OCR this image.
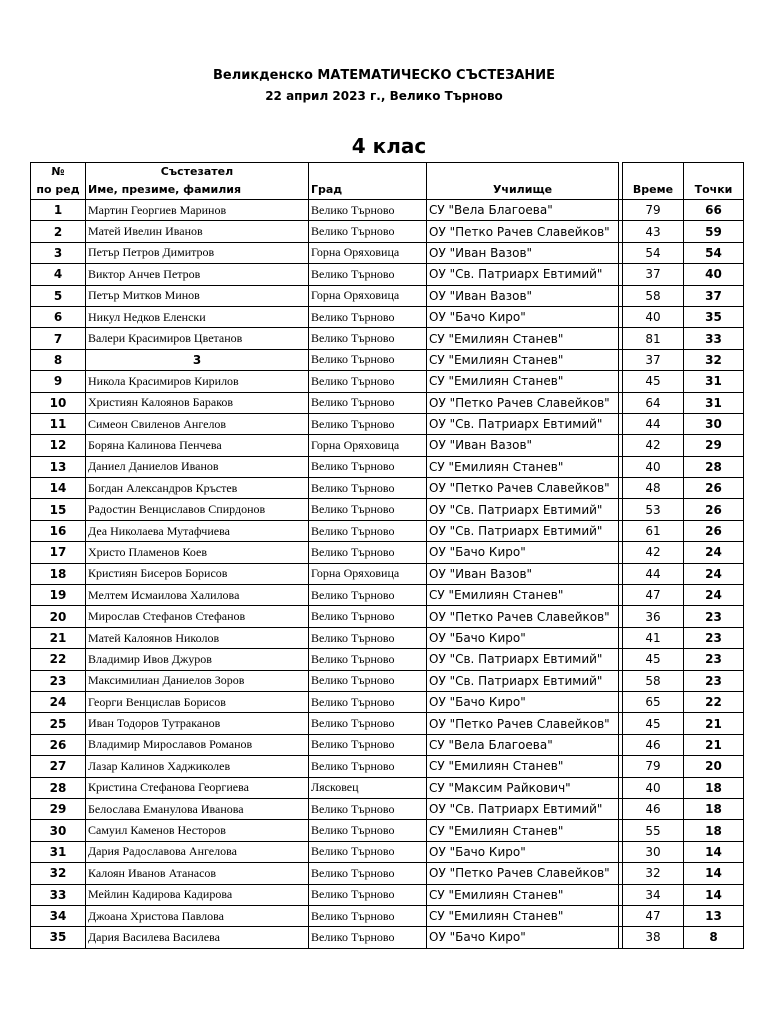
Великденско МАТЕМАТИЧЕСКО СЪСТЕЗАНИЕ
22 април 2023 г., Велико Търново
4 клас
№	Състезател					
по ред	Име, презиме, фамилия	Град	Училище		Време	Точки
1	Мартин Георгиев Маринов	Велико Търново	СУ "Вела Благоева"		79	66
2	Матей Ивелин Иванов	Велико Търново	ОУ "Петко Рачев Славейков"		43	59
3	Петър Петров Димитров	Горна Оряховица	ОУ "Иван Вазов"		54	54
4	Виктор Анчев Петров	Велико Търново	ОУ "Св. Патриарх Евтимий"		37	40
5	Петър Митков Минов	Горна Оряховица	ОУ "Иван Вазов"		58	37
6	Никул Недков Еленски	Велико Търново	ОУ "Бачо Киро"		40	35
7	Валери Красимиров Цветанов	Велико Търново	СУ "Емилиян Станев"		81	33
8	3	Велико Търново	СУ "Емилиян Станев"		37	32
9	Никола Красимиров Кирилов	Велико Търново	СУ "Емилиян Станев"		45	31
10	Християн Калоянов Бараков	Велико Търново	ОУ "Петко Рачев Славейков"		64	31
11	Симеон Свиленов Ангелов	Велико Търново	ОУ "Св. Патриарх Евтимий"		44	30
12	Боряна Калинова Пенчева	Горна Оряховица	ОУ "Иван Вазов"		42	29
13	Даниел Даниелов Иванов	Велико Търново	СУ "Емилиян Станев"		40	28
14	Богдан Александров Кръстев	Велико Търново	ОУ "Петко Рачев Славейков"		48	26
15	Радостин Венциславов Спирдонов	Велико Търново	ОУ "Св. Патриарх Евтимий"		53	26
16	Деа Николаева Мутафчиева	Велико Търново	ОУ "Св. Патриарх Евтимий"		61	26
17	Христо Пламенов Коев	Велико Търново	ОУ "Бачо Киро"		42	24
18	Кристиян Бисеров Борисов	Горна Оряховица	ОУ "Иван Вазов"		44	24
19	Мелтем Исмаилова Халилова	Велико Търново	СУ "Емилиян Станев"		47	24
20	Мирослав Стефанов Стефанов	Велико Търново	ОУ "Петко Рачев Славейков"		36	23
21	Матей Калоянов Николов	Велико Търново	ОУ "Бачо Киро"		41	23
22	Владимир Ивов Джуров	Велико Търново	ОУ "Св. Патриарх Евтимий"		45	23
23	Максимилиан Даниелов Зоров	Велико Търново	ОУ "Св. Патриарх Евтимий"		58	23
24	Георги Венцислав Борисов	Велико Търново	ОУ "Бачо Киро"		65	22
25	Иван Тодоров Тутраканов	Велико Търново	ОУ "Петко Рачев Славейков"		45	21
26	Владимир Мирославов Романов	Велико Търново	СУ "Вела Благоева"		46	21
27	Лазар Калинов Хаджиколев	Велико Търново	СУ "Емилиян Станев"		79	20
28	Кристина Стефанова Георгиева	Лясковец	СУ "Максим Райкович"		40	18
29	Белослава Еманулова Иванова	Велико Търново	ОУ "Св. Патриарх Евтимий"		46	18
30	Самуил Каменов Несторов	Велико Търново	СУ "Емилиян Станев"		55	18
31	Дария Радославова Ангелова	Велико Търново	ОУ "Бачо Киро"		30	14
32	Калоян Иванов Атанасов	Велико Търново	ОУ "Петко Рачев Славейков"		32	14
33	Мейлин Кадирова Кадирова	Велико Търново	СУ "Емилиян Станев"		34	14
34	Джоана Христова Павлова	Велико Търново	СУ "Емилиян Станев"		47	13
35	Дария Василева Василева	Велико Търново	ОУ "Бачо Киро"		38	8
